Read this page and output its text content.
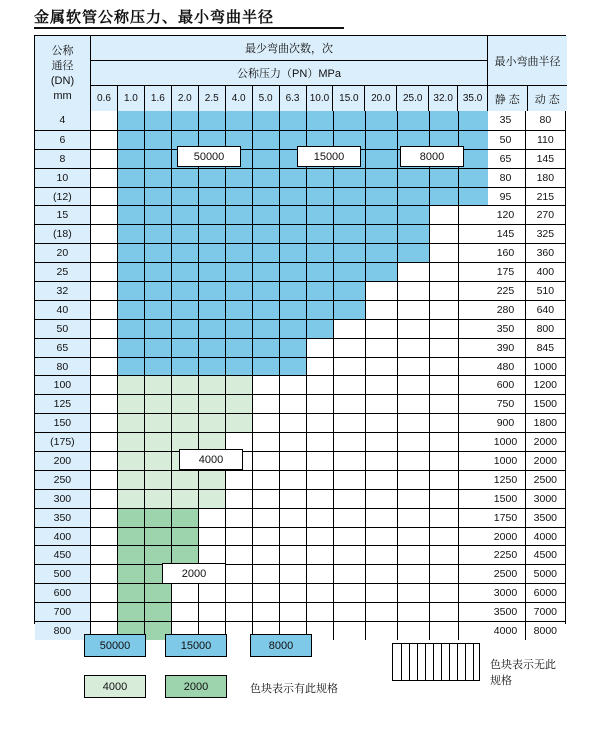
金属软管公称压力、最小弯曲半径
公称
通径
(DN)
mm
最少弯曲次数，次
公称压力（PN）MPa
0.6	1.0	1.6	2.0	2.5	4.0	5.0	6.3	10.0 15.0	20.0	25.0	32.0 35.0
最小弯曲半径
静 态	动 态
4	35	80
6	50	110
8	65	145
10	80	180
(12)	95	215
15	120	270
(18)	145	325
20	160	360
25	175	400
32	225	510
40	280	640
50	350	800
65	390	845
80	480	1000
100	600	1200
125	750	1500
150	900	1800
(175)	1000	2000
200	1000	2000
250	1250	2500
300	1500	3000
350	1750	3500
400	2000	4000
450	2250	4500
500	2500	5000
600	3000	6000
700	3500	7000
800	4000	8000
50000	15000	8000
4000
2000
色块表示无此规格
色块表示有此规格
50000	15000	8000
4000	2000
